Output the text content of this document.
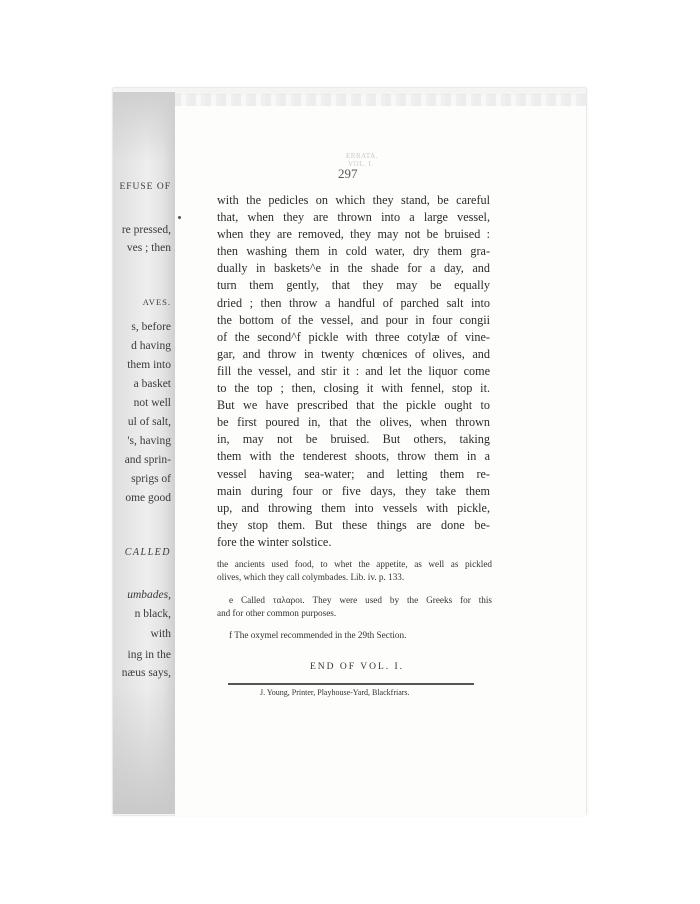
EFUSE OF
re pressed,
ves ; then
AVES.
s, before
d having
them into
a basket
not well
ul of salt,
's, having
and sprin-
sprigs of
ome good
CALLED
umbades,
n black,
with
ing in the
næus says,
ERRATA.
VOL. I.
297
with the pedicles on which they stand, be careful
that, when they are thrown into a large vessel,
when they are removed, they may not be bruised :
then washing them in cold water, dry them gra-
dually in baskets^e in the shade for a day, and
turn them gently, that they may be equally
dried ; then throw a handful of parched salt into
the bottom of the vessel, and pour in four congii
of the second^f pickle with three cotylæ of vine-
gar, and throw in twenty chœnices of olives, and
fill the vessel, and stir it : and let the liquor come
to the top ; then, closing it with fennel, stop it.
But we have prescribed that the pickle ought to
be first poured in, that the olives, when thrown
in, may not be bruised. But others, taking
them with the tenderest shoots, throw them in a
vessel having sea-water; and letting them re-
main during four or five days, they take them
up, and throwing them into vessels with pickle,
they stop them. But these things are done be-
fore the winter solstice.
the ancients used food, to whet the appetite, as well as pickled
olives, which they call colymbades. Lib. iv. p. 133.
e Called ταλαροι. They were used by the Greeks for this
and for other common purposes.
f The oxymel recommended in the 29th Section.
END OF VOL. I.
J. Young, Printer, Playhouse-Yard, Blackfriars.
